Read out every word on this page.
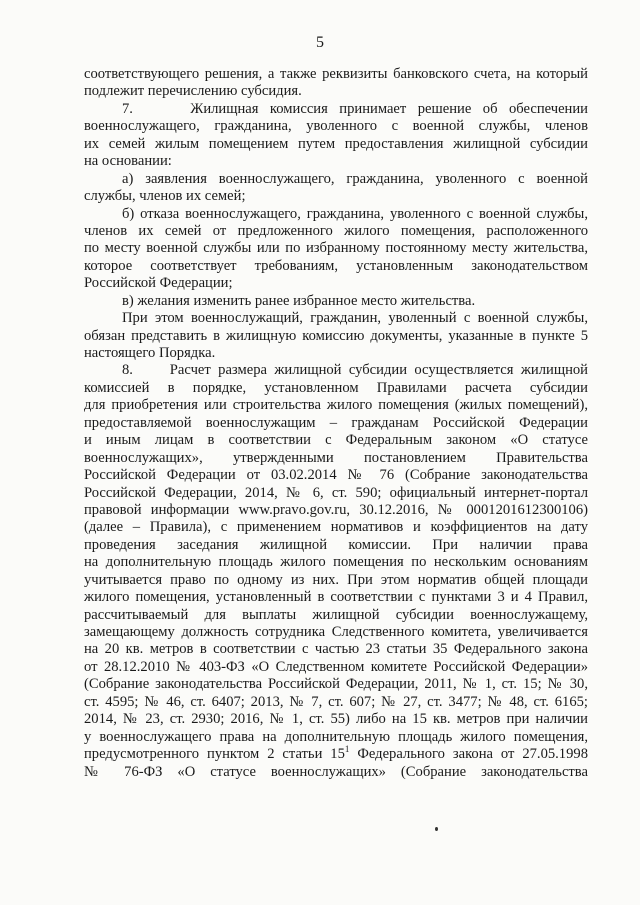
5
соответствующего решения, а также реквизиты банковского счета, на который
подлежит перечислению субсидия.
7.     Жилищная комиссия принимает решение об обеспечении
военнослужащего, гражданина, уволенного с военной службы, членов
их семей жилым помещением путем предоставления жилищной субсидии
на основании:
а) заявления военнослужащего, гражданина, уволенного с военной
службы, членов их семей;
б) отказа военнослужащего, гражданина, уволенного с военной службы,
членов их семей от предложенного жилого помещения, расположенного
по месту военной службы или по избранному постоянному месту жительства,
которое соответствует требованиям, установленным законодательством
Российской Федерации;
в) желания изменить ранее избранное место жительства.
При этом военнослужащий, гражданин, уволенный с военной службы,
обязан представить в жилищную комиссию документы, указанные в пункте 5
настоящего Порядка.
8.     Расчет размера жилищной субсидии осуществляется жилищной
комиссией в порядке, установленном Правилами расчета субсидии
для приобретения или строительства жилого помещения (жилых помещений),
предоставляемой военнослужащим – гражданам Российской Федерации
и иным лицам в соответствии с Федеральным законом «О статусе
военнослужащих», утвержденными постановлением Правительства
Российской Федерации от 03.02.2014 № 76 (Собрание законодательства
Российской Федерации, 2014, № 6, ст. 590; официальный интернет-портал
правовой информации www.pravo.gov.ru, 30.12.2016, № 0001201612300106)
(далее – Правила), с применением нормативов и коэффициентов на дату
проведения заседания жилищной комиссии. При наличии права
на дополнительную площадь жилого помещения по нескольким основаниям
учитывается право по одному из них. При этом норматив общей площади
жилого помещения, установленный в соответствии с пунктами 3 и 4 Правил,
рассчитываемый для выплаты жилищной субсидии военнослужащему,
замещающему должность сотрудника Следственного комитета, увеличивается
на 20 кв. метров в соответствии с частью 23 статьи 35 Федерального закона
от 28.12.2010 № 403-ФЗ «О Следственном комитете Российской Федерации»
(Собрание законодательства Российской Федерации, 2011, № 1, ст. 15; № 30,
ст. 4595; № 46, ст. 6407; 2013, № 7, ст. 607; № 27, ст. 3477; № 48, ст. 6165;
2014, № 23, ст. 2930; 2016, № 1, ст. 55) либо на 15 кв. метров при наличии
у военнослужащего права на дополнительную площадь жилого помещения,
предусмотренного пунктом 2 статьи $15^1$ Федерального закона от 27.05.1998
№ 76-ФЗ «О статусе военнослужащих» (Собрание законодательства
